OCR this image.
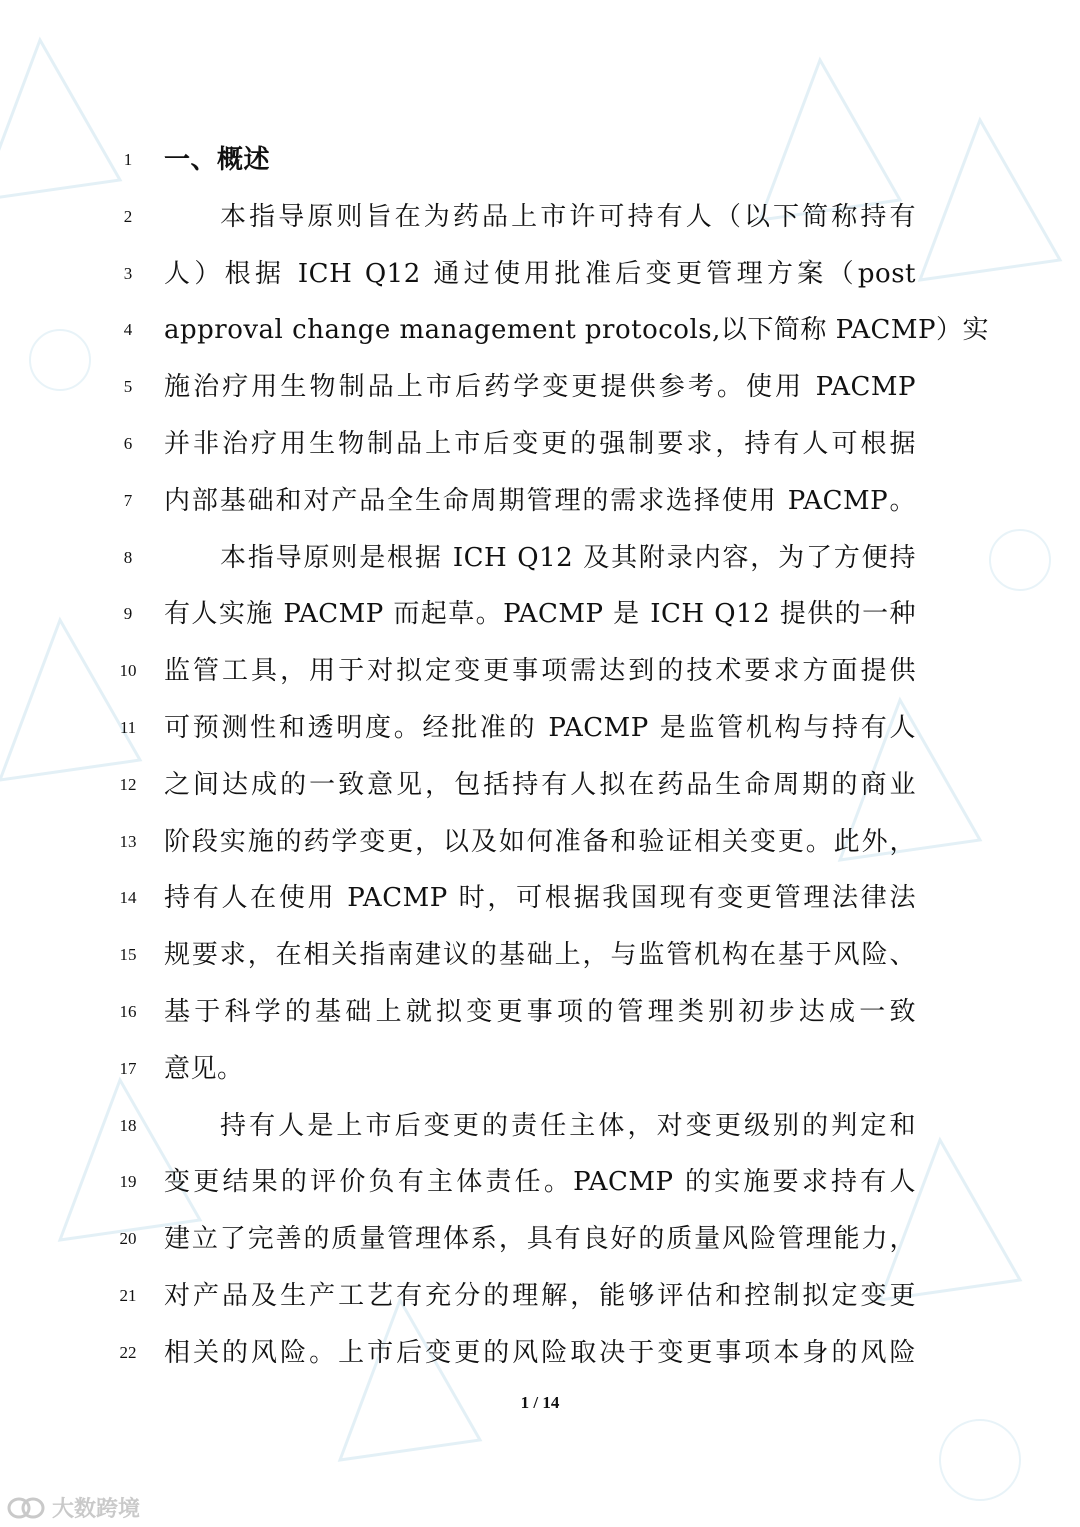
1	一、概述
2	本指导原则旨在为药品上市许可持有人（以下简称持有
3	人）根据 ICH Q12 通过使用批准后变更管理方案（post
4	approval change management protocols,以下简称 PACMP）实
5	施治疗用生物制品上市后药学变更提供参考。使用 PACMP
6	并非治疗用生物制品上市后变更的强制要求，持有人可根据
7	内部基础和对产品全生命周期管理的需求选择使用 PACMP。
8	本指导原则是根据 ICH Q12 及其附录内容，为了方便持
9	有人实施 PACMP 而起草。PACMP 是 ICH Q12 提供的一种
10	监管工具，用于对拟定变更事项需达到的技术要求方面提供
11	可预测性和透明度。经批准的 PACMP 是监管机构与持有人
12	之间达成的一致意见，包括持有人拟在药品生命周期的商业
13	阶段实施的药学变更，以及如何准备和验证相关变更。此外，
14	持有人在使用 PACMP 时，可根据我国现有变更管理法律法
15	规要求，在相关指南建议的基础上，与监管机构在基于风险、
16	基于科学的基础上就拟变更事项的管理类别初步达成一致
17	意见。
18	持有人是上市后变更的责任主体，对变更级别的判定和
19	变更结果的评价负有主体责任。PACMP 的实施要求持有人
20	建立了完善的质量管理体系，具有良好的质量风险管理能力，
21	对产品及生产工艺有充分的理解，能够评估和控制拟定变更
22	相关的风险。上市后变更的风险取决于变更事项本身的风险
1 / 14
大数跨境
